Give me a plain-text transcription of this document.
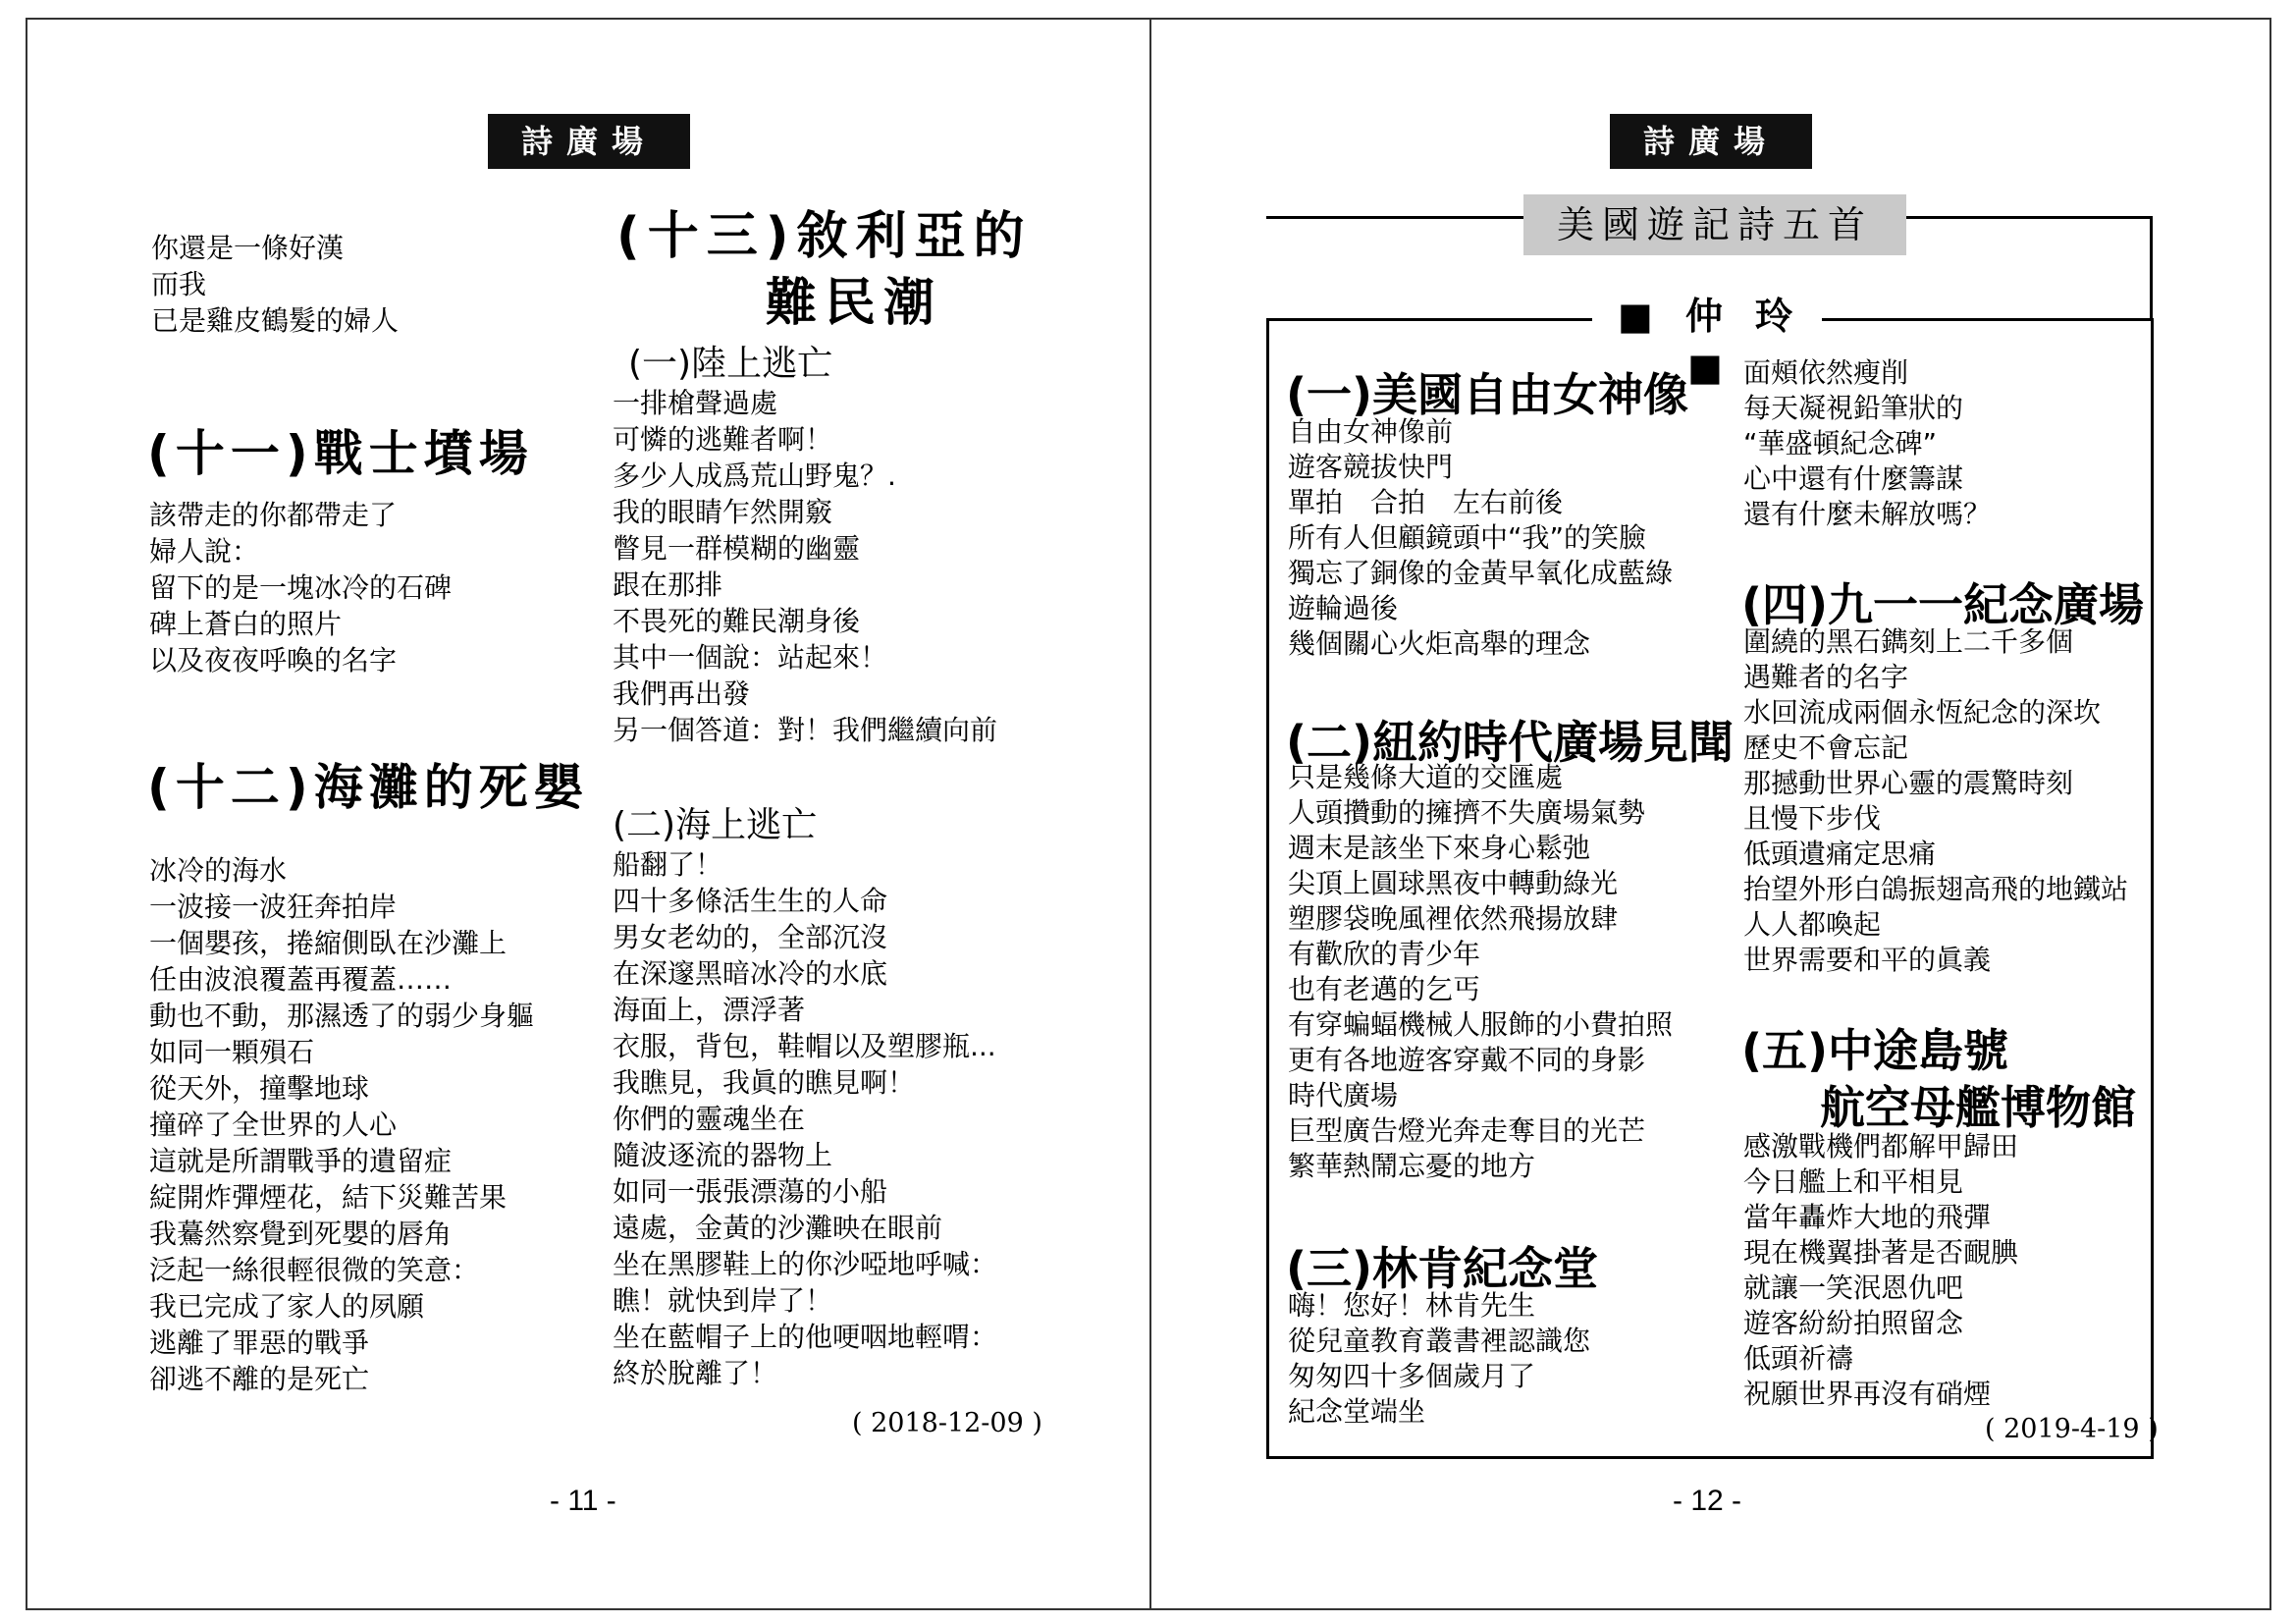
詩廣場
你還是一條好漢
而我
已是雞皮鶴髮的婦人
(十一)戰士墳場
該帶走的你都帶走了
婦人說：
留下的是一塊冰冷的石碑
碑上蒼白的照片
以及夜夜呼喚的名字
(十二)海灘的死嬰
冰冷的海水
一波接一波狂奔拍岸
一個嬰孩，捲縮側臥在沙灘上
任由波浪覆蓋再覆蓋……
動也不動，那濕透了的弱少身軀
如同一顆殞石
從天外，撞擊地球
撞碎了全世界的人心
這就是所謂戰爭的遺留症
綻開炸彈煙花，結下災難苦果
我驀然察覺到死嬰的唇角
泛起一絲很輕很微的笑意：
我已完成了家人的夙願
逃離了罪惡的戰爭
卻逃不離的是死亡
(十三)敘利亞的
難民潮
(一)陸上逃亡
一排槍聲過處
可憐的逃難者啊！
多少人成爲荒山野鬼？.
我的眼睛乍然開竅
瞥見一群模糊的幽靈
跟在那排
不畏死的難民潮身後
其中一個說：站起來！
我們再出發
另一個答道：對！我們繼續向前
(二)海上逃亡
船翻了！
四十多條活生生的人命
男女老幼的，全部沉沒
在深邃黑暗冰冷的水底
海面上，漂浮著
衣服，背包，鞋帽以及塑膠瓶...
我瞧見，我眞的瞧見啊！
你們的靈魂坐在
隨波逐流的器物上
如同一張張漂蕩的小船
遠處，金黃的沙灘映在眼前
坐在黑膠鞋上的你沙啞地呼喊：
瞧！就快到岸了！
坐在藍帽子上的他哽咽地輕喟：
終於脫離了！
( 2018-12-09 )
- 11 -
詩廣場
美國遊記詩五首
■ 仲 玲 ■
(一)美國自由女神像
自由女神像前
遊客競拔快門
單拍　合拍　左右前後
所有人但顧鏡頭中“我”的笑臉
獨忘了銅像的金黃早氧化成藍綠
遊輪過後
幾個關心火炬高舉的理念
(二)紐約時代廣場見聞
只是幾條大道的交匯處
人頭攢動的擁擠不失廣場氣勢
週末是該坐下來身心鬆弛
尖頂上圓球黑夜中轉動綠光
塑膠袋晚風裡依然飛揚放肆
有歡欣的青少年
也有老邁的乞丐
有穿蝙蝠機械人服飾的小費拍照
更有各地遊客穿戴不同的身影
時代廣場
巨型廣告燈光奔走奪目的光芒
繁華熱鬧忘憂的地方
(三)林肯紀念堂
嗨！您好！林肯先生
從兒童教育叢書裡認識您
匆匆四十多個歲月了
紀念堂端坐
面頰依然瘦削
每天凝視鉛筆狀的
“華盛頓紀念碑”
心中還有什麼籌謀
還有什麼未解放嗎？
(四)九一一紀念廣場
圍繞的黑石鐫刻上二千多個
遇難者的名字
水回流成兩個永恆紀念的深坎
歷史不會忘記
那撼動世界心靈的震驚時刻
且慢下步伐
低頭遺痛定思痛
抬望外形白鴿振翅高飛的地鐵站
人人都喚起
世界需要和平的眞義
(五)中途島號
航空母艦博物館
感激戰機們都解甲歸田
今日艦上和平相見
當年轟炸大地的飛彈
現在機翼掛著是否靦腆
就讓一笑泯恩仇吧
遊客紛紛拍照留念
低頭祈禱
祝願世界再沒有硝煙
( 2019-4-19 )
- 12 -
